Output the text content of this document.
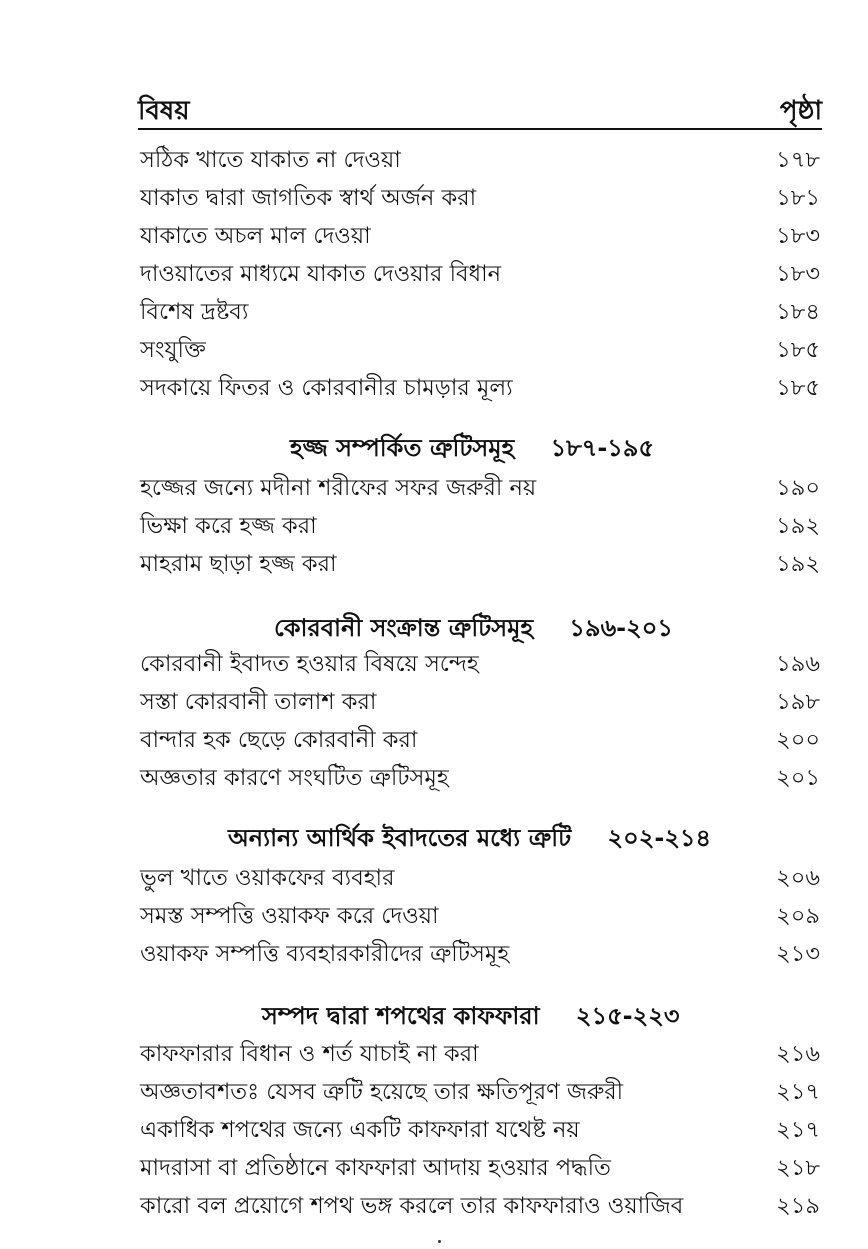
বিষয়	পৃষ্ঠা
সঠিক খাতে যাকাত না দেওয়া	১৭৮
যাকাত দ্বারা জাগতিক স্বার্থ অর্জন করা	১৮১
যাকাতে অচল মাল দেওয়া	১৮৩
দাওয়াতের মাধ্যমে যাকাত দেওয়ার বিধান	১৮৩
বিশেষ দ্রষ্টব্য	১৮৪
সংযুক্তি	১৮৫
সদকায়ে ফিতর ও কোরবানীর চামড়ার মূল্য	১৮৫
হজ্জ সম্পর্কিত ত্রুটিসমূহ ১৮৭-১৯৫
হজ্জের জন্যে মদীনা শরীফের সফর জরুরী নয়	১৯০
ভিক্ষা করে হজ্জ করা	১৯২
মাহরাম ছাড়া হজ্জ করা	১৯২
কোরবানী সংক্রান্ত ত্রুটিসমূহ ১৯৬-২০১
কোরবানী ইবাদত হওয়ার বিষয়ে সন্দেহ	১৯৬
সস্তা কোরবানী তালাশ করা	১৯৮
বান্দার হক ছেড়ে কোরবানী করা	২০০
অজ্ঞতার কারণে সংঘটিত ত্রুটিসমূহ	২০১
অন্যান্য আর্থিক ইবাদতের মধ্যে ত্রুটি ২০২-২১৪
ভুল খাতে ওয়াকফের ব্যবহার	২০৬
সমস্ত সম্পত্তি ওয়াকফ করে দেওয়া	২০৯
ওয়াকফ সম্পত্তি ব্যবহারকারীদের ত্রুটিসমূহ	২১৩
সম্পদ দ্বারা শপথের কাফফারা ২১৫-২২৩
কাফফারার বিধান ও শর্ত যাচাই না করা	২১৬
অজ্ঞতাবশতঃ যেসব ত্রুটি হয়েছে তার ক্ষতিপূরণ জরুরী	২১৭
একাধিক শপথের জন্যে একটি কাফফারা যথেষ্ট নয়	২১৭
মাদরাসা বা প্রতিষ্ঠানে কাফফারা আদায় হওয়ার পদ্ধতি	২১৮
কারো বল প্রয়োগে শপথ ভঙ্গ করলে তার কাফফারাও ওয়াজিব	২১৯
